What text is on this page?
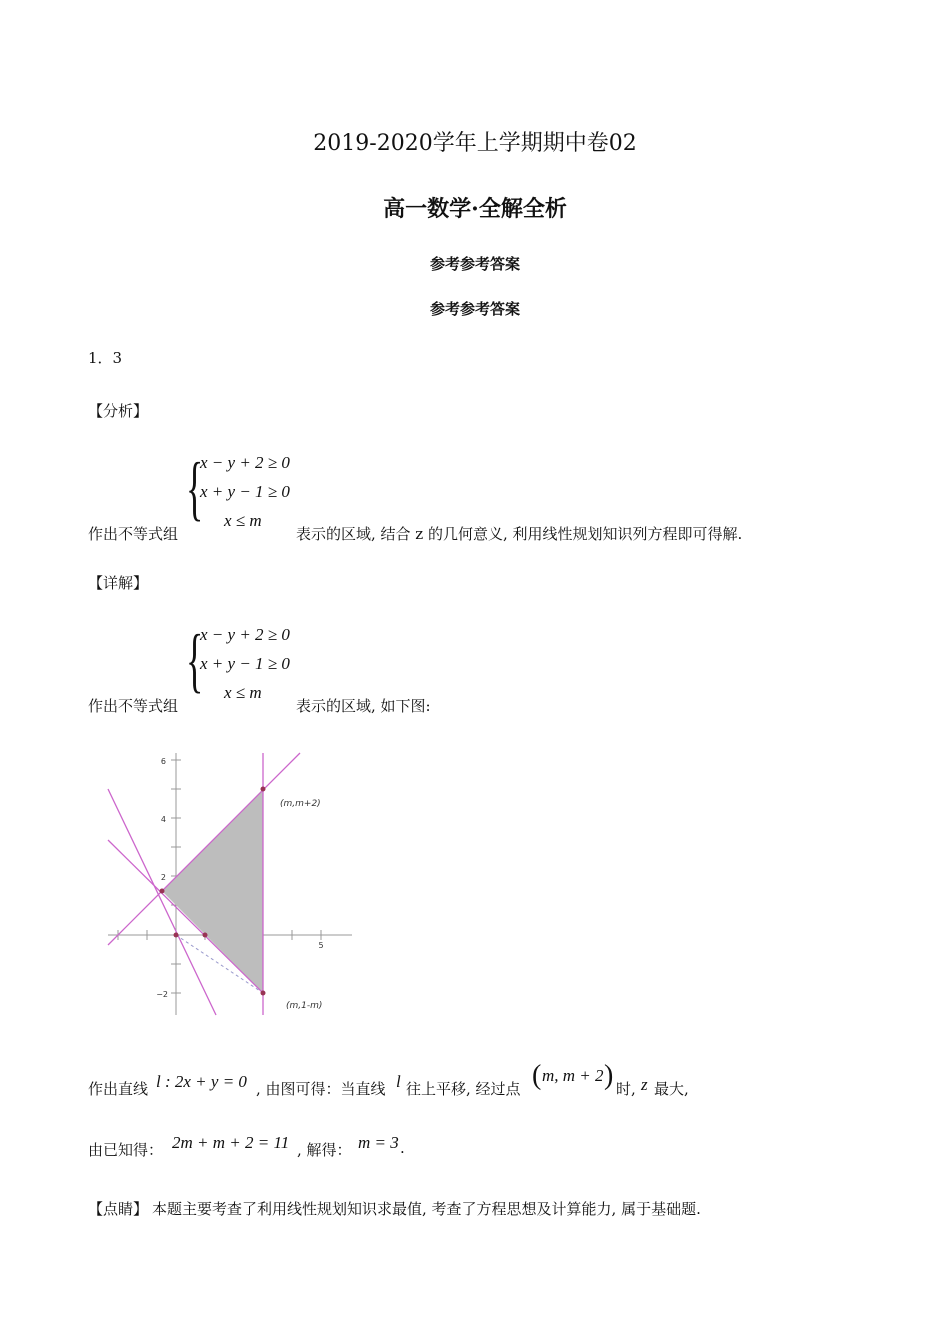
2019-2020学年上学期期中卷02
高一数学·全解全析
参考参考答案
参考参考答案
1．3
【分析】
{
x − y + 2 ≥ 0
x + y − 1 ≥ 0
x ≤ m
作出不等式组	表示的区域, 结合 z 的几何意义, 利用线性规划知识列方程即可得解.
【详解】
{
x − y + 2 ≥ 0
x + y − 1 ≥ 0
x ≤ m
作出不等式组	表示的区域, 如下图:
6
4
2
−2
5
(m,m+2)
(m,1-m)
作出直线 l : 2x + y = 0 , 由图可得：当直线 l 往上平移, 经过点 ( m, m + 2 ) 时, z 最大,
由已知得： 2m + m + 2 = 11 , 解得： m = 3 .
【点睛】 本题主要考查了利用线性规划知识求最值, 考查了方程思想及计算能力, 属于基础题.
